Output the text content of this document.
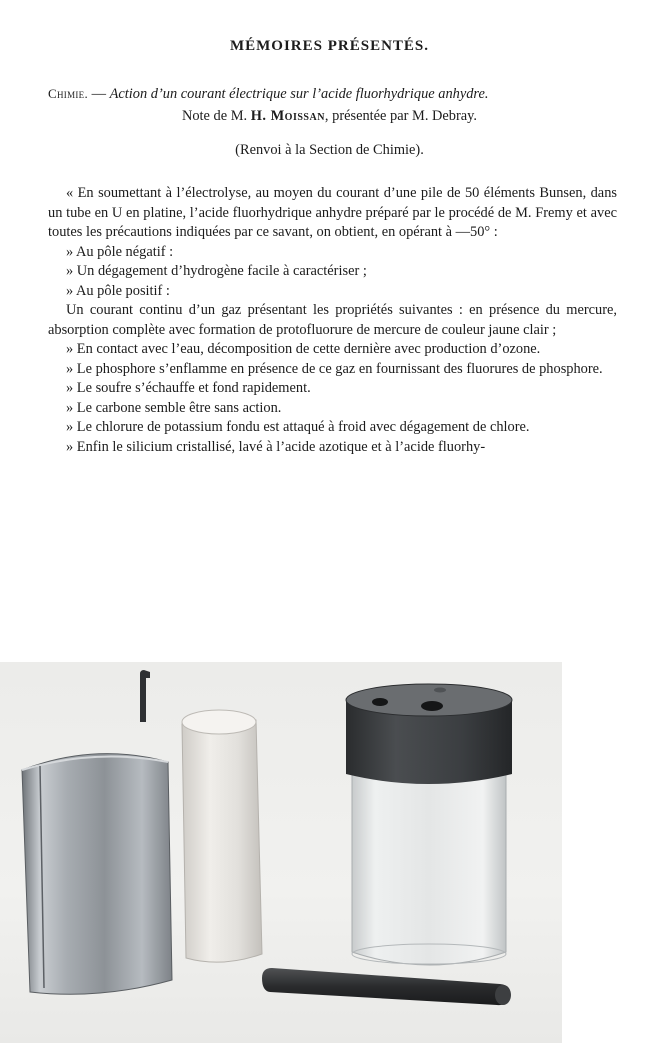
MÉMOIRES PRÉSENTÉS.
Chimie. — Action d’un courant électrique sur l’acide fluorhydrique anhydre.
Note de M. H. Moissan, présentée par M. Debray.
(Renvoi à la Section de Chimie).

« En soumettant à l’électrolyse, au moyen du courant d’une pile de 50 éléments Bunsen, dans un tube en U en platine, l’acide fluorhydrique anhydre préparé par le procédé de M. Fremy et avec toutes les précautions indiquées par ce savant, on obtient, en opérant à —50° :

» Au pôle négatif :

» Un dégagement d’hydrogène facile à caractériser ;

» Au pôle positif :

Un courant continu d’un gaz présentant les propriétés suivantes : en présence du mercure, absorption complète avec formation de protofluorure de mercure de couleur jaune clair ;

» En contact avec l’eau, décomposition de cette dernière avec production d’ozone.

» Le phosphore s’enflamme en présence de ce gaz en fournissant des fluorures de phosphore.

» Le soufre s’échauffe et fond rapidement.

» Le carbone semble être sans action.

» Le chlorure de potassium fondu est attaqué à froid avec dégagement de chlore.

» Enfin le silicium cristallisé, lavé à l’acide azotique et à l’acide fluorhy-
